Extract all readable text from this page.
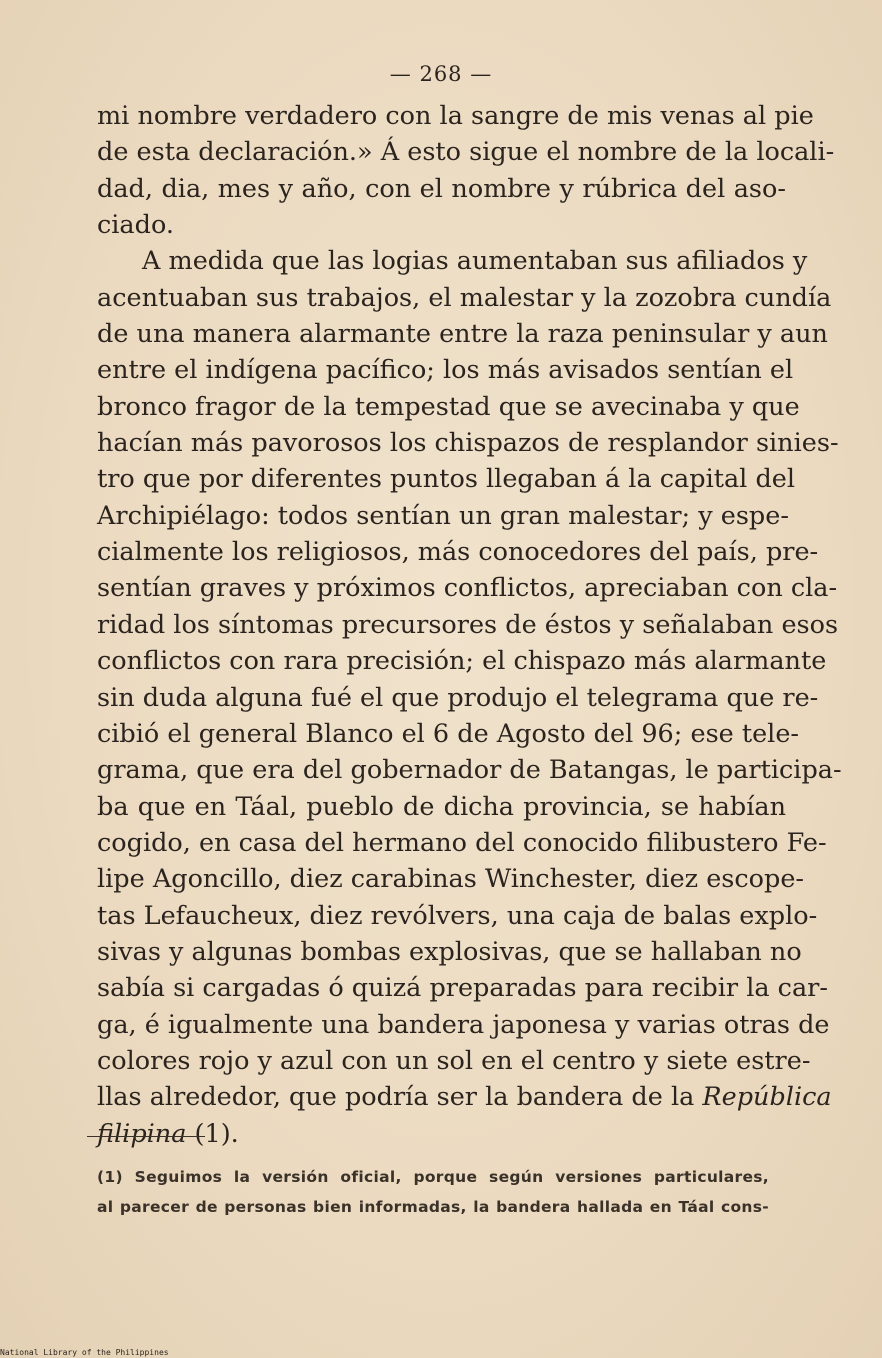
— 268 —
mi nombre verdadero con la sangre de mis venas al pie
de esta declaración.» Á esto sigue el nombre de la locali-
dad, dia, mes y año, con el nombre y rúbrica del aso-
ciado.
A medida que las logias aumentaban sus afiliados y
acentuaban sus trabajos, el malestar y la zozobra cundía
de una manera alarmante entre la raza peninsular y aun
entre el indígena pacífico; los más avisados sentían el
bronco fragor de la tempestad que se avecinaba y que
hacían más pavorosos los chispazos de resplandor sinies-
tro que por diferentes puntos llegaban á la capital del
Archipiélago: todos sentían un gran malestar; y espe-
cialmente los religiosos, más conocedores del país, pre-
sentían graves y próximos conflictos, apreciaban con cla-
ridad los síntomas precursores de éstos y señalaban esos
conflictos con rara precisión; el chispazo más alarmante
sin duda alguna fué el que produjo el telegrama que re-
cibió el general Blanco el 6 de Agosto del 96; ese tele-
grama, que era del gobernador de Batangas, le participa-
ba que en Táal, pueblo de dicha provincia, se habían
cogido, en casa del hermano del conocido filibustero Fe-
lipe Agoncillo, diez carabinas Winchester, diez escope-
tas Lefaucheux, diez revólvers, una caja de balas explo-
sivas y algunas bombas explosivas, que se hallaban no
sabía si cargadas ó quizá preparadas para recibir la car-
ga, é igualmente una bandera japonesa y varias otras de
colores rojo y azul con un sol en el centro y siete estre-
llas alrededor, que podría ser la bandera de la República
filipina (1).
(1) Seguimos la versión oficial, porque según versiones particulares,
al parecer de personas bien informadas, la bandera hallada en Táal cons-
National Library of the Philippines
